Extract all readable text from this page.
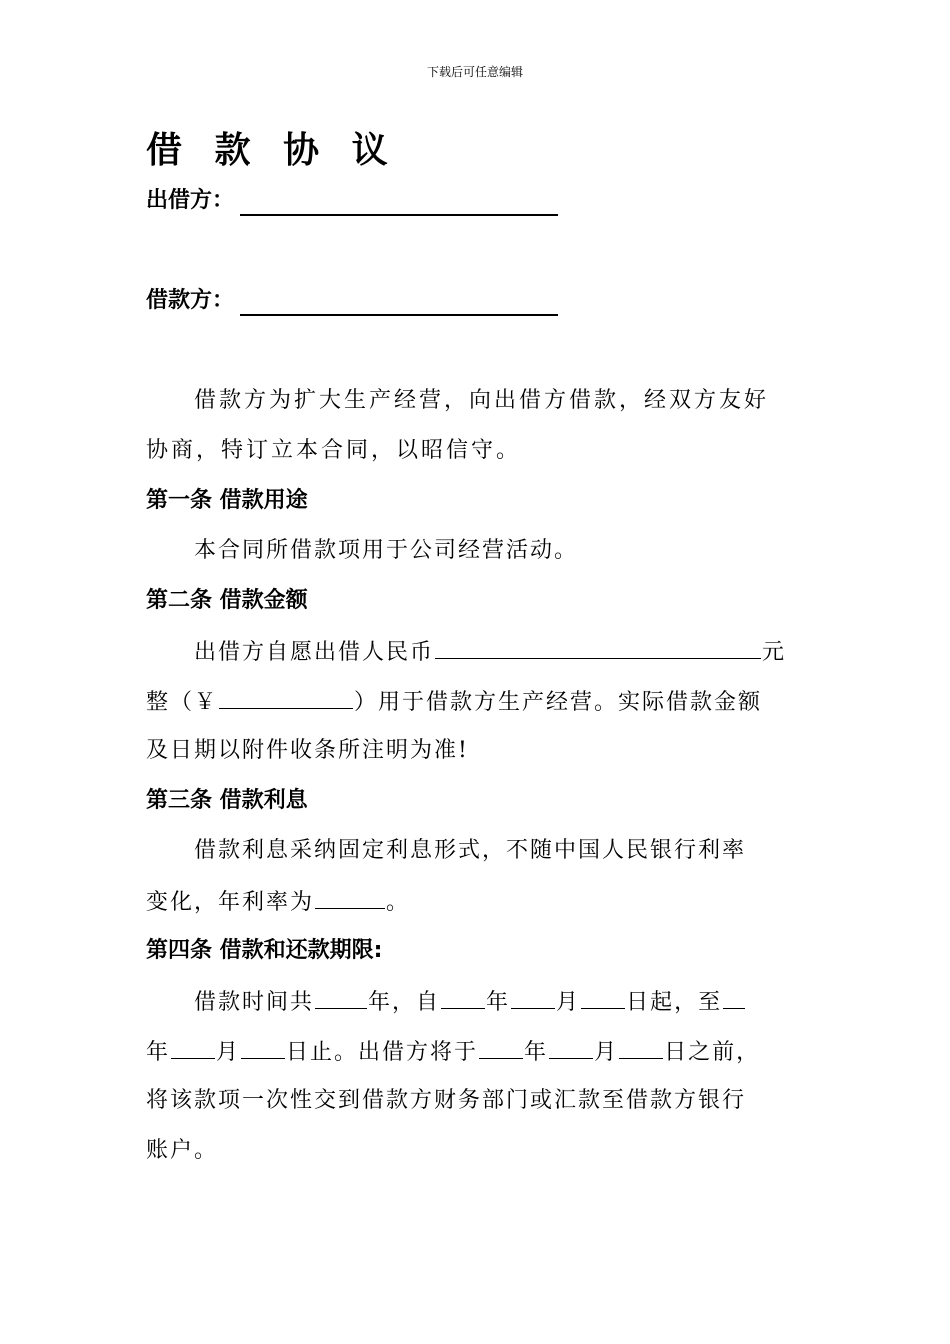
下载后可任意编辑
借 款 协 议
出借方：
借款方：
借款方为扩大生产经营，向出借方借款，经双方友好
协商，特订立本合同，以昭信守。
第一条 借款用途
本合同所借款项用于公司经营活动。
第二条 借款金额
出借方自愿出借人民币	元
整（￥	）用于借款方生产经营。实际借款金额
及日期以附件收条所注明为准!
第三条 借款利息
借款利息采纳固定利息形式，不随中国人民银行利率
变化，年利率为	。
第四条 借款和还款期限:
借款时间共 年，自 年 月 日起，至
年 月 日止。出借方将于 年 月 日之前，
将该款项一次性交到借款方财务部门或汇款至借款方银行
账户。
